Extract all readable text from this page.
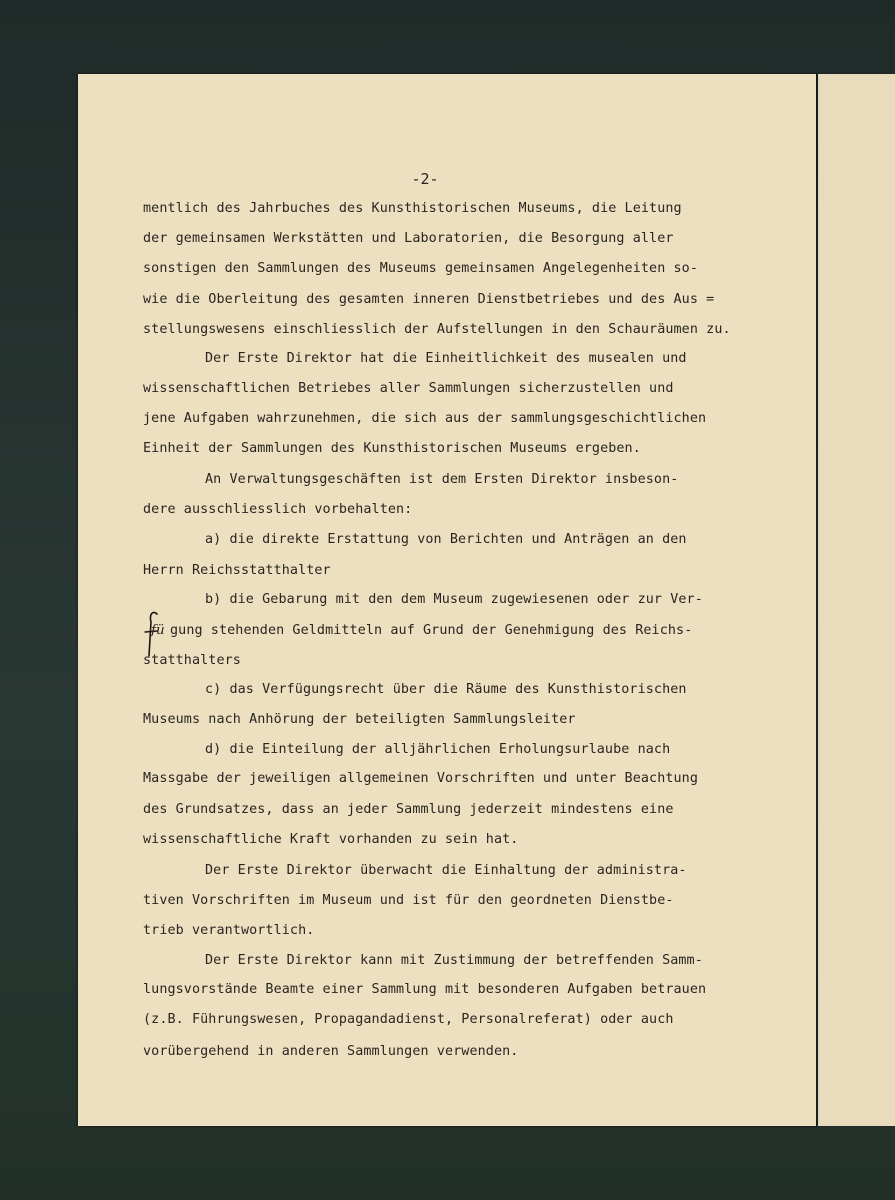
-2-
mentlich des Jahrbuches des Kunsthistorischen Museums, die Leitung
der gemeinsamen Werkstätten und Laboratorien, die Besorgung aller
sonstigen den Sammlungen des Museums gemeinsamen Angelegenheiten so-
wie die Oberleitung des gesamten inneren Dienstbetriebes und des Aus =
stellungswesens einschliesslich der Aufstellungen in den Schauräumen zu.
Der Erste Direktor hat die Einheitlichkeit des musealen und
wissenschaftlichen Betriebes aller Sammlungen sicherzustellen und
jene Aufgaben wahrzunehmen, die sich aus der sammlungsgeschichtlichen
Einheit der Sammlungen des Kunsthistorischen Museums ergeben.
An Verwaltungsgeschäften ist dem Ersten Direktor insbeson-
dere ausschliesslich vorbehalten:
a) die direkte Erstattung von Berichten und Anträgen an den
Herrn Reichsstatthalter
b) die Gebarung mit den dem Museum zugewiesenen oder zur Ver-
fü gung stehenden Geldmitteln auf Grund der Genehmigung des Reichs-
statthalters
c) das Verfügungsrecht über die Räume des Kunsthistorischen
Museums nach Anhörung der beteiligten Sammlungsleiter
d) die Einteilung der alljährlichen Erholungsurlaube nach
Massgabe der jeweiligen allgemeinen Vorschriften und unter Beachtung
des Grundsatzes, dass an jeder Sammlung jederzeit mindestens eine
wissenschaftliche Kraft vorhanden zu sein hat.
Der Erste Direktor überwacht die Einhaltung der administra-
tiven Vorschriften im Museum und ist für den geordneten Dienstbe-
trieb verantwortlich.
Der Erste Direktor kann mit Zustimmung der betreffenden Samm-
lungsvorstände Beamte einer Sammlung mit besonderen Aufgaben betrauen
(z.B. Führungswesen, Propagandadienst, Personalreferat) oder auch
vorübergehend in anderen Sammlungen verwenden.
